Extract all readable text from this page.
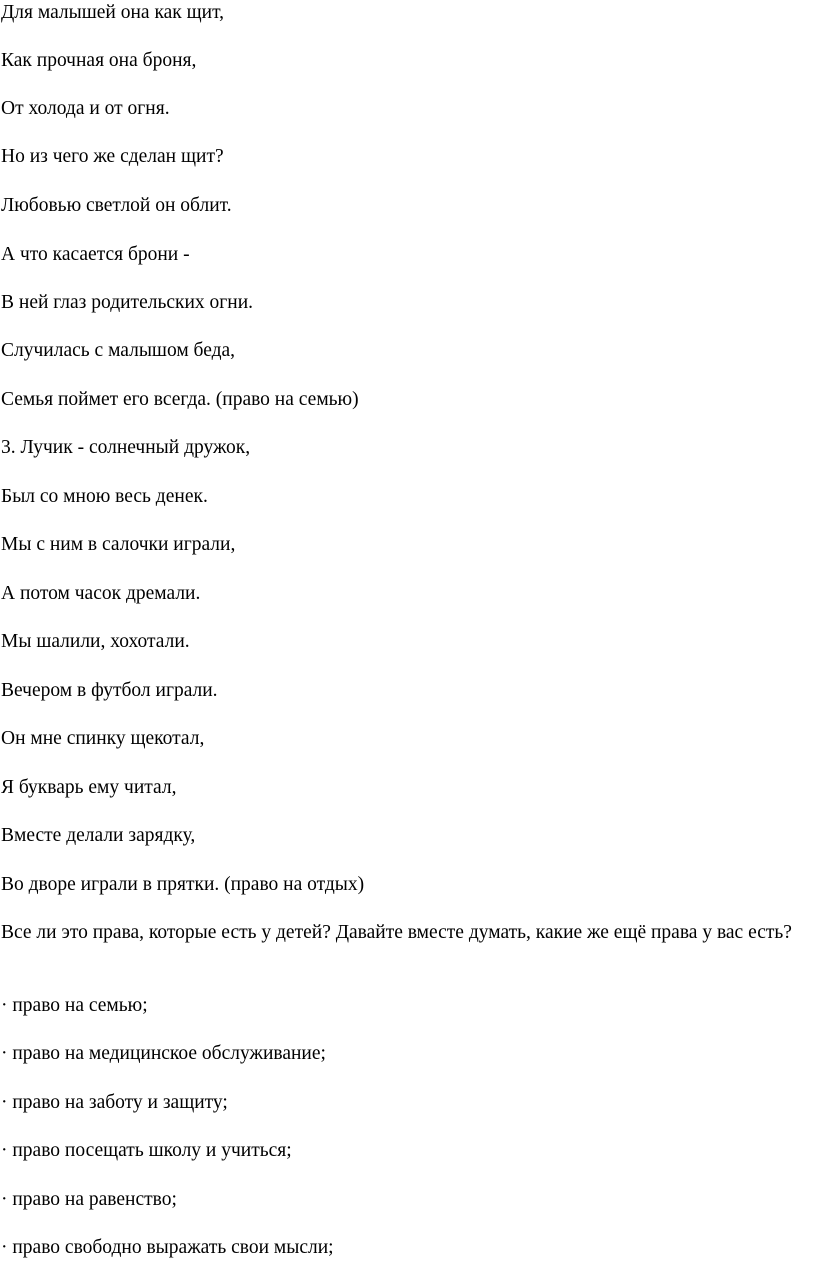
Для малышей она как щит,
Как прочная она броня,
От холода и от огня.
Но из чего же сделан щит?
Любовью светлой он облит.
А что касается брони -
В ней глаз родительских огни.
Случилась с малышом беда,
Семья поймет его всегда. (право на семью)
3. Лучик - солнечный дружок,
Был со мною весь денек.
Мы с ним в салочки играли,
А потом часок дремали.
Мы шалили, хохотали.
Вечером в футбол играли.
Он мне спинку щекотал,
Я букварь ему читал,
Вместе делали зарядку,
Во дворе играли в прятки. (право на отдых)
Все ли это права, которые есть у детей? Давайте вместе думать, какие же ещё права у вас есть?
· право на семью;
· право на медицинское обслуживание;
· право на заботу и защиту;
· право посещать школу и учиться;
· право на равенство;
· право свободно выражать свои мысли;
